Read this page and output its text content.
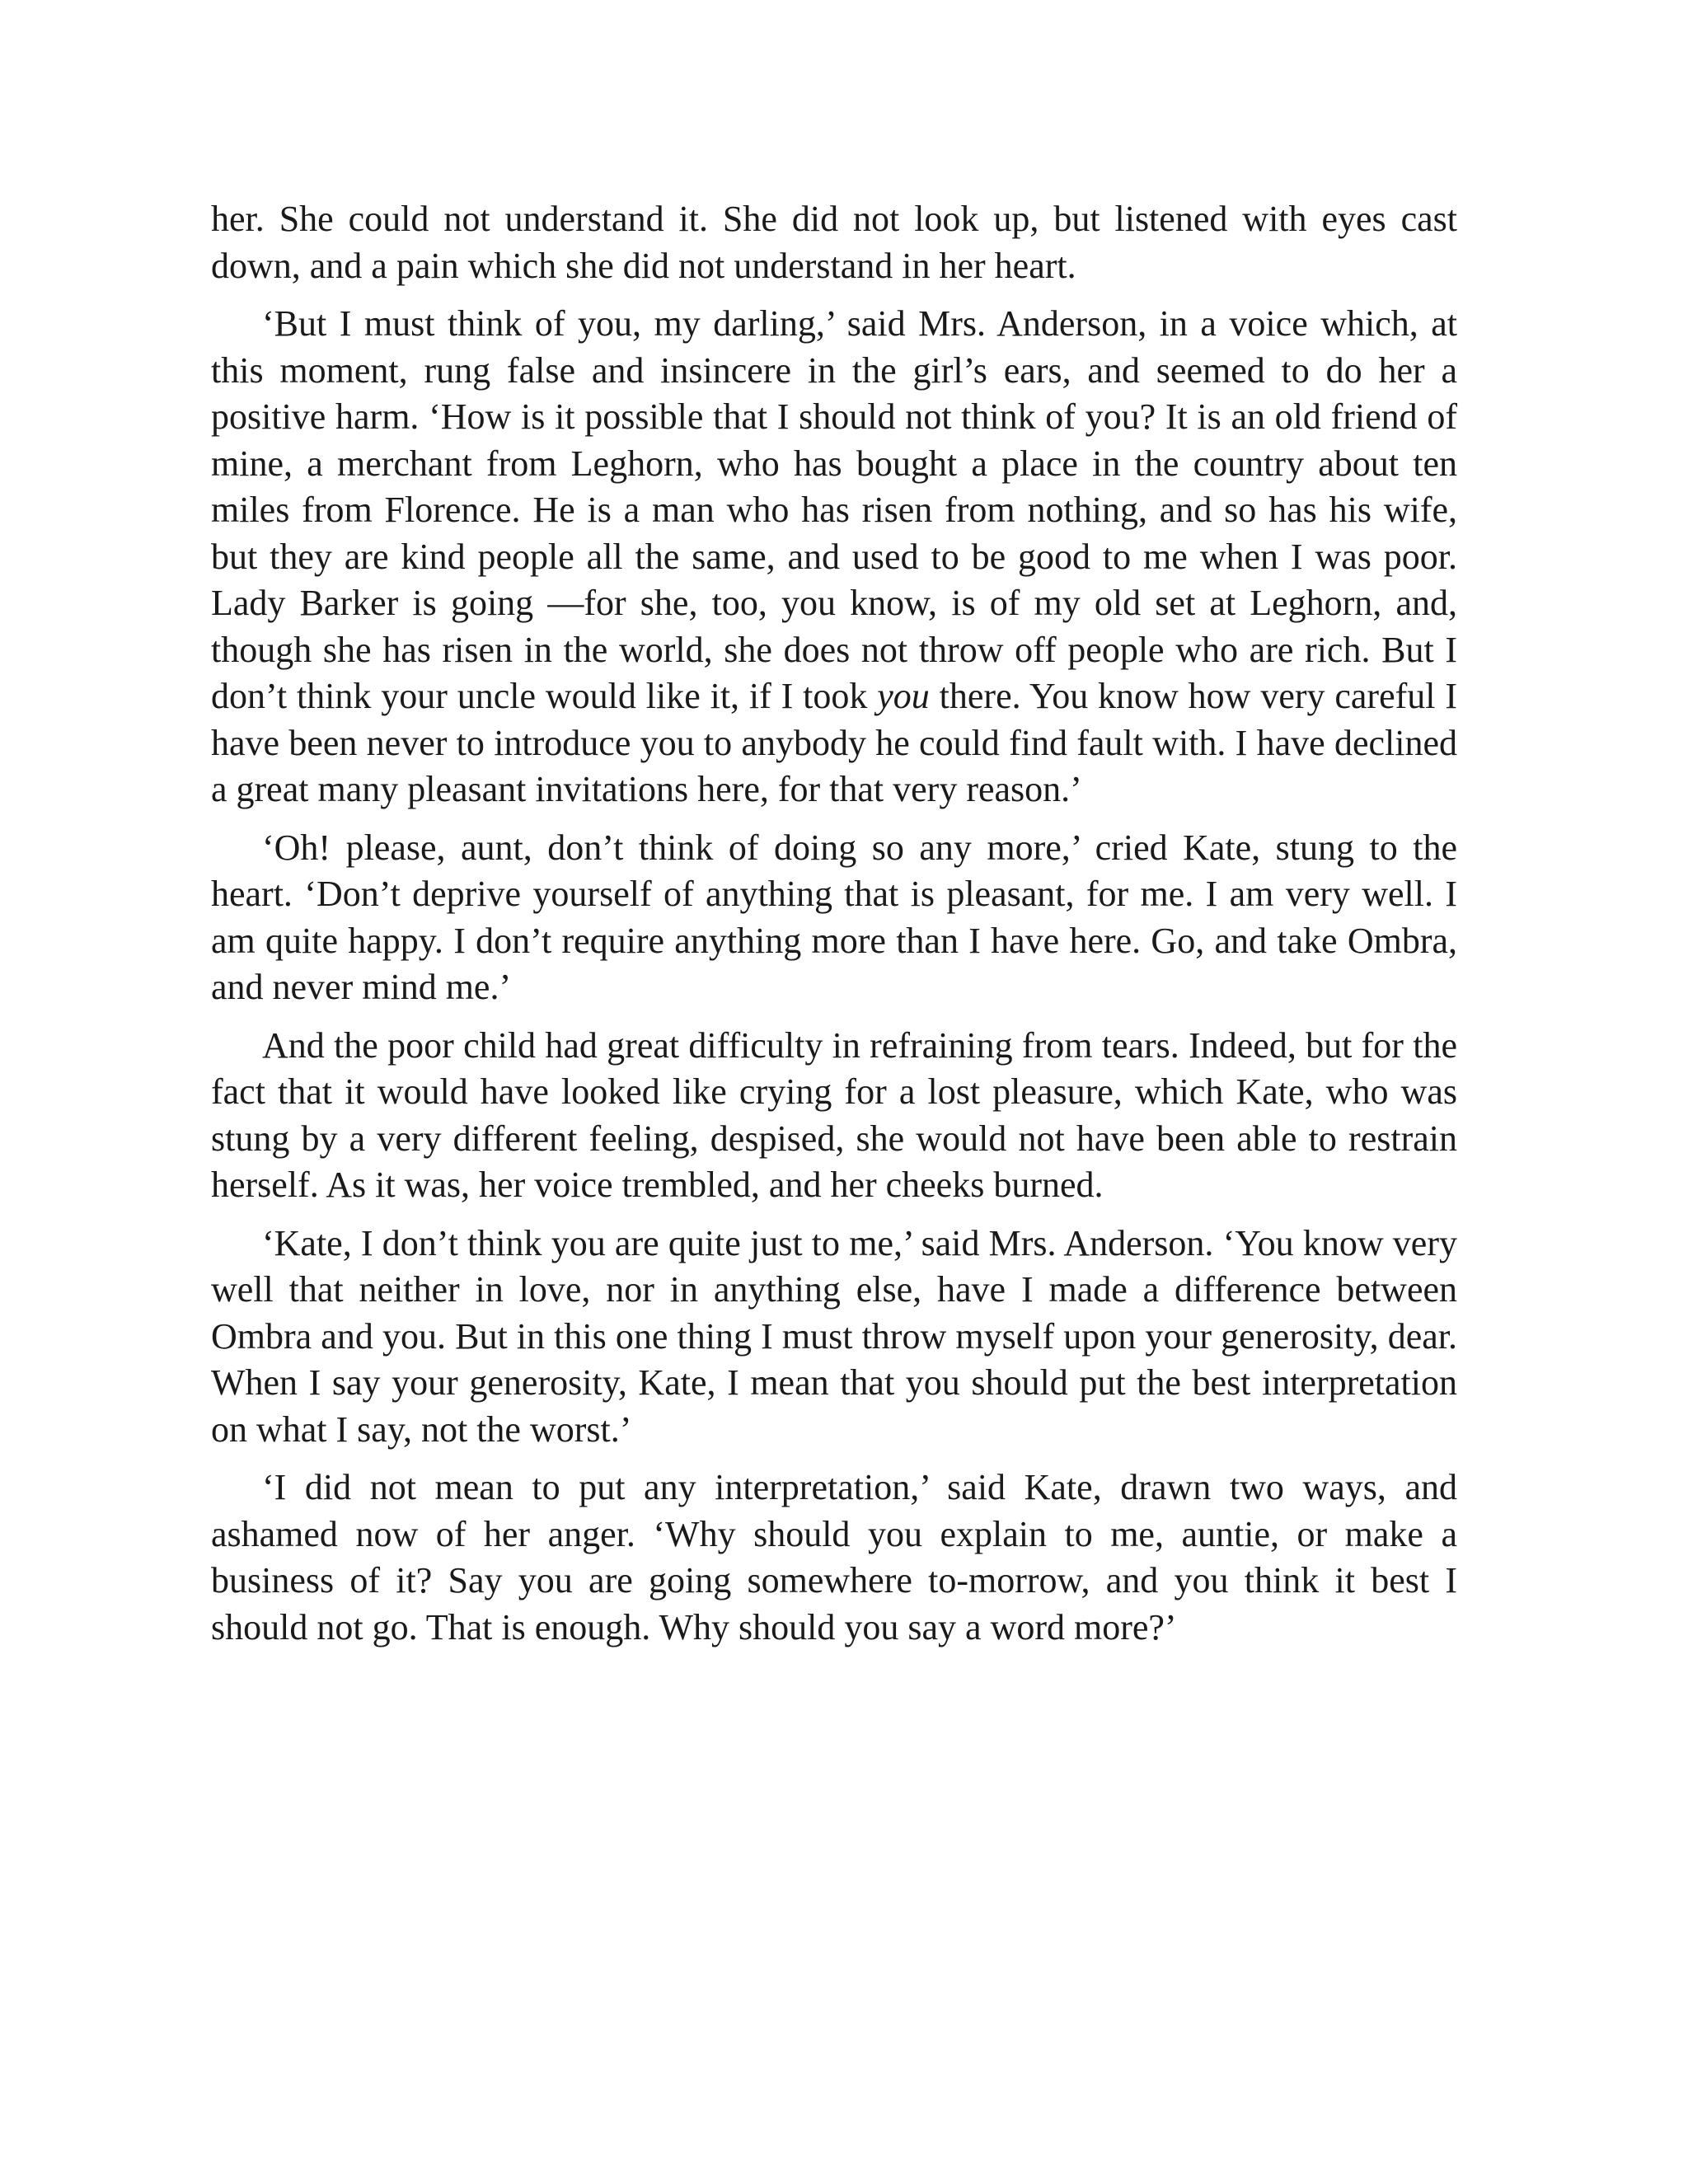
her. She could not understand it. She did not look up, but listened with eyes cast down, and a pain which she did not understand in her heart.

‘But I must think of you, my darling,’ said Mrs. Anderson, in a voice which, at this moment, rung false and insincere in the girl’s ears, and seemed to do her a positive harm. ‘How is it possible that I should not think of you? It is an old friend of mine, a merchant from Leghorn, who has bought a place in the country about ten miles from Florence. He is a man who has risen from nothing, and so has his wife, but they are kind people all the same, and used to be good to me when I was poor. Lady Barker is going —for she, too, you know, is of my old set at Leghorn, and, though she has risen in the world, she does not throw off people who are rich. But I don’t think your uncle would like it, if I took you there. You know how very careful I have been never to introduce you to anybody he could find fault with. I have declined a great many pleasant invitations here, for that very reason.’

‘Oh! please, aunt, don’t think of doing so any more,’ cried Kate, stung to the heart. ‘Don’t deprive yourself of anything that is pleasant, for me. I am very well. I am quite happy. I don’t require anything more than I have here. Go, and take Ombra, and never mind me.’

And the poor child had great difficulty in refraining from tears. Indeed, but for the fact that it would have looked like crying for a lost pleasure, which Kate, who was stung by a very different feeling, despised, she would not have been able to restrain herself. As it was, her voice trembled, and her cheeks burned.

‘Kate, I don’t think you are quite just to me,’ said Mrs. Anderson. ‘You know very well that neither in love, nor in anything else, have I made a difference between Ombra and you. But in this one thing I must throw myself upon your generosity, dear. When I say your generosity, Kate, I mean that you should put the best interpretation on what I say, not the worst.’

‘I did not mean to put any interpretation,’ said Kate, drawn two ways, and ashamed now of her anger. ‘Why should you explain to me, auntie, or make a business of it? Say you are going somewhere to-morrow, and you think it best I should not go. That is enough. Why should you say a word more?’
